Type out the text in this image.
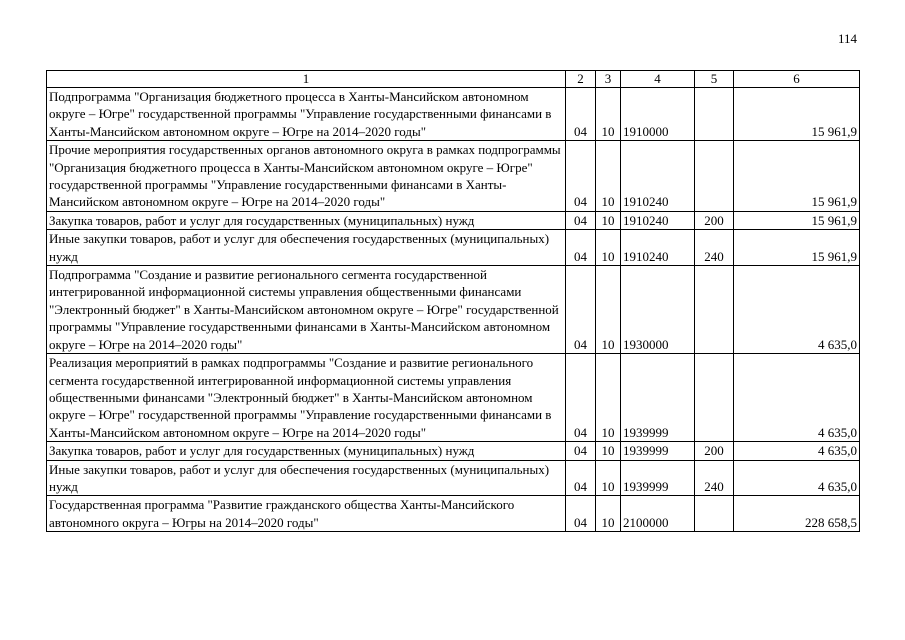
114
1	2	3	4	5	6
Подпрограмма "Организация бюджетного процесса в Ханты-Мансийском автономном округе – Югре" государственной программы "Управление государственными финансами в Ханты-Мансийском автономном округе – Югре на 2014–2020 годы"	04	10	1910000		15 961,9
Прочие мероприятия государственных органов автономного округа в рамках подпрограммы "Организация бюджетного процесса в Ханты-Мансийском автономном округе – Югре" государственной программы "Управление государственными финансами в Ханты-Мансийском автономном округе – Югре на 2014–2020 годы"	04	10	1910240		15 961,9
Закупка товаров, работ и услуг для государственных (муниципальных) нужд	04	10	1910240	200	15 961,9
Иные закупки товаров, работ и услуг для обеспечения государственных (муниципальных) нужд	04	10	1910240	240	15 961,9
Подпрограмма "Создание и развитие регионального сегмента государственной интегрированной информационной системы управления общественными финансами "Электронный бюджет" в Ханты-Мансийском автономном округе – Югре" государственной программы "Управление государственными финансами в Ханты-Мансийском автономном округе – Югре на 2014–2020 годы"	04	10	1930000		4 635,0
Реализация мероприятий в рамках подпрограммы "Создание и развитие регионального сегмента государственной интегрированной информационной системы управления общественными финансами "Электронный бюджет" в Ханты-Мансийском автономном округе – Югре" государственной программы "Управление государственными финансами в Ханты-Мансийском автономном округе – Югре на 2014–2020 годы"	04	10	1939999		4 635,0
Закупка товаров, работ и услуг для государственных (муниципальных) нужд	04	10	1939999	200	4 635,0
Иные закупки товаров, работ и услуг для обеспечения государственных (муниципальных) нужд	04	10	1939999	240	4 635,0
Государственная программа "Развитие гражданского общества Ханты-Мансийского автономного округа – Югры на 2014–2020 годы"	04	10	2100000		228 658,5
